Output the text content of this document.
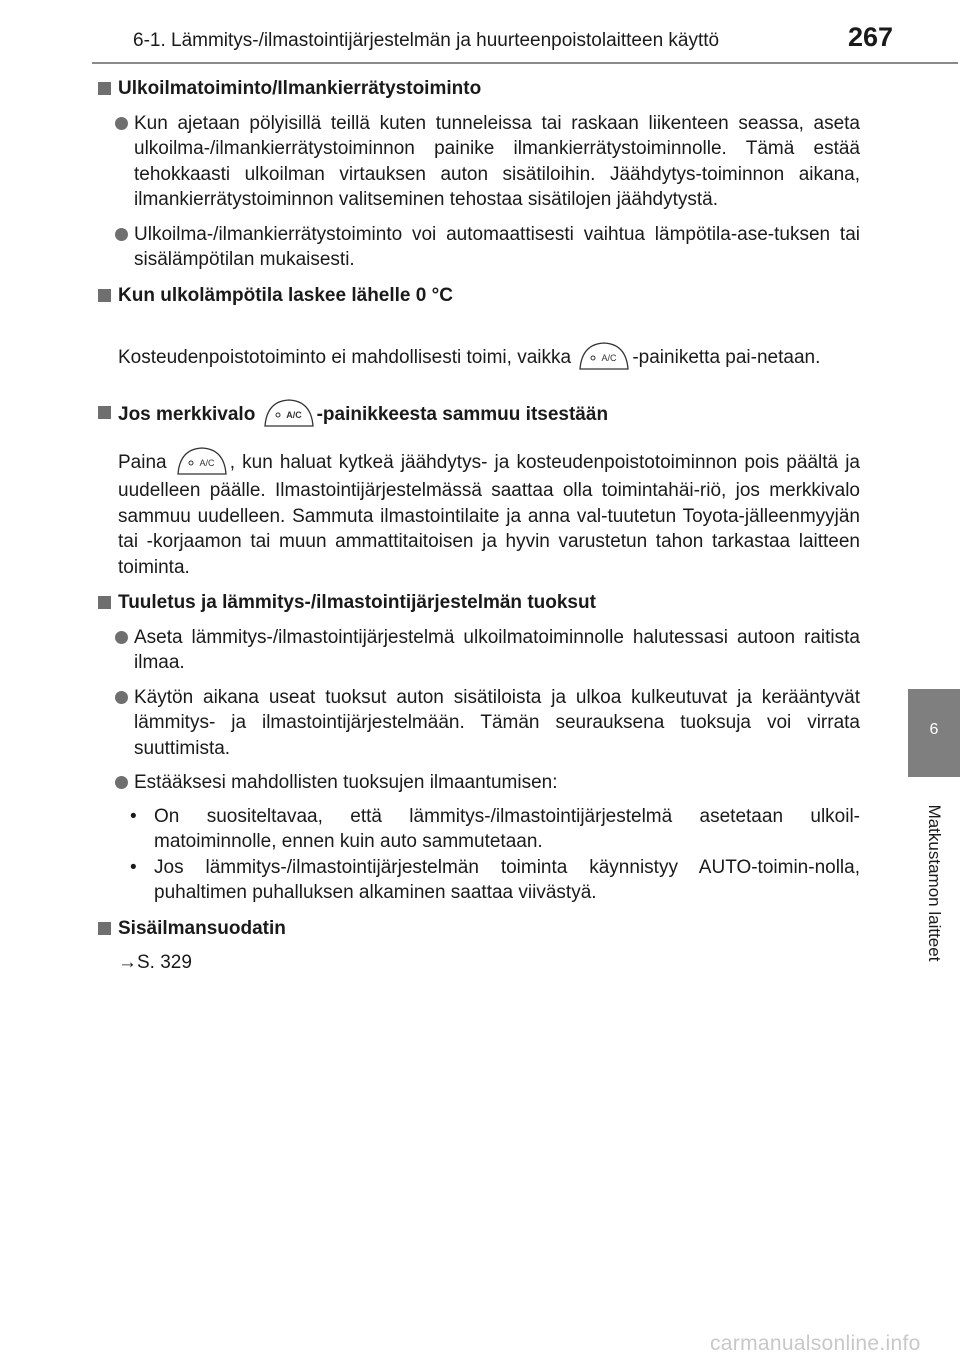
6-1. Lämmitys-/ilmastointijärjestelmän ja huurteenpoistolaitteen käyttö	267
6
Matkustamon laitteet
Ulkoilmatoiminto/Ilmankierrätystoiminto
Kun ajetaan pölyisillä teillä kuten tunneleissa tai raskaan liikenteen seassa, aseta ulkoilma-/ilmankierrätystoiminnon painike ilmankierrätystoiminnolle. Tämä estää tehokkaasti ulkoilman virtauksen auton sisätiloihin. Jäähdytys-toiminnon aikana, ilmankierrätystoiminnon valitseminen tehostaa sisätilojen jäähdytystä.
Ulkoilma-/ilmankierrätystoiminto voi automaattisesti vaihtua lämpötila-ase-tuksen tai sisälämpötilan mukaisesti.
Kun ulkolämpötila laskee lähelle 0 °C
Kosteudenpoistotoiminto ei mahdollisesti toimi, vaikka	A/C -painiketta pai-netaan.
Jos merkkivalo	A/C -painikkeesta sammuu itsestään
Paina	A/C , kun haluat kytkeä jäähdytys- ja kosteudenpoistotoiminnon pois päältä ja uudelleen päälle. Ilmastointijärjestelmässä saattaa olla toimintahäi-riö, jos merkkivalo sammuu uudelleen. Sammuta ilmastointilaite ja anna val-tuutetun Toyota-jälleenmyyjän tai -korjaamon tai muun ammattitaitoisen ja hyvin varustetun tahon tarkastaa laitteen toiminta.
Tuuletus ja lämmitys-/ilmastointijärjestelmän tuoksut
Aseta lämmitys-/ilmastointijärjestelmä ulkoilmatoiminnolle halutessasi autoon raitista ilmaa.
Käytön aikana useat tuoksut auton sisätiloista ja ulkoa kulkeutuvat ja kerääntyvät lämmitys- ja ilmastointijärjestelmään. Tämän seurauksena tuoksuja voi virrata suuttimista.
Estääksesi mahdollisten tuoksujen ilmaantumisen:
• On suositeltavaa, että lämmitys-/ilmastointijärjestelmä asetetaan ulkoil-matoiminnolle, ennen kuin auto sammutetaan.
• Jos lämmitys-/ilmastointijärjestelmän toiminta käynnistyy AUTO-toimin-nolla, puhaltimen puhalluksen alkaminen saattaa viivästyä.
Sisäilmansuodatin
→S. 329
carmanualsonline.info
